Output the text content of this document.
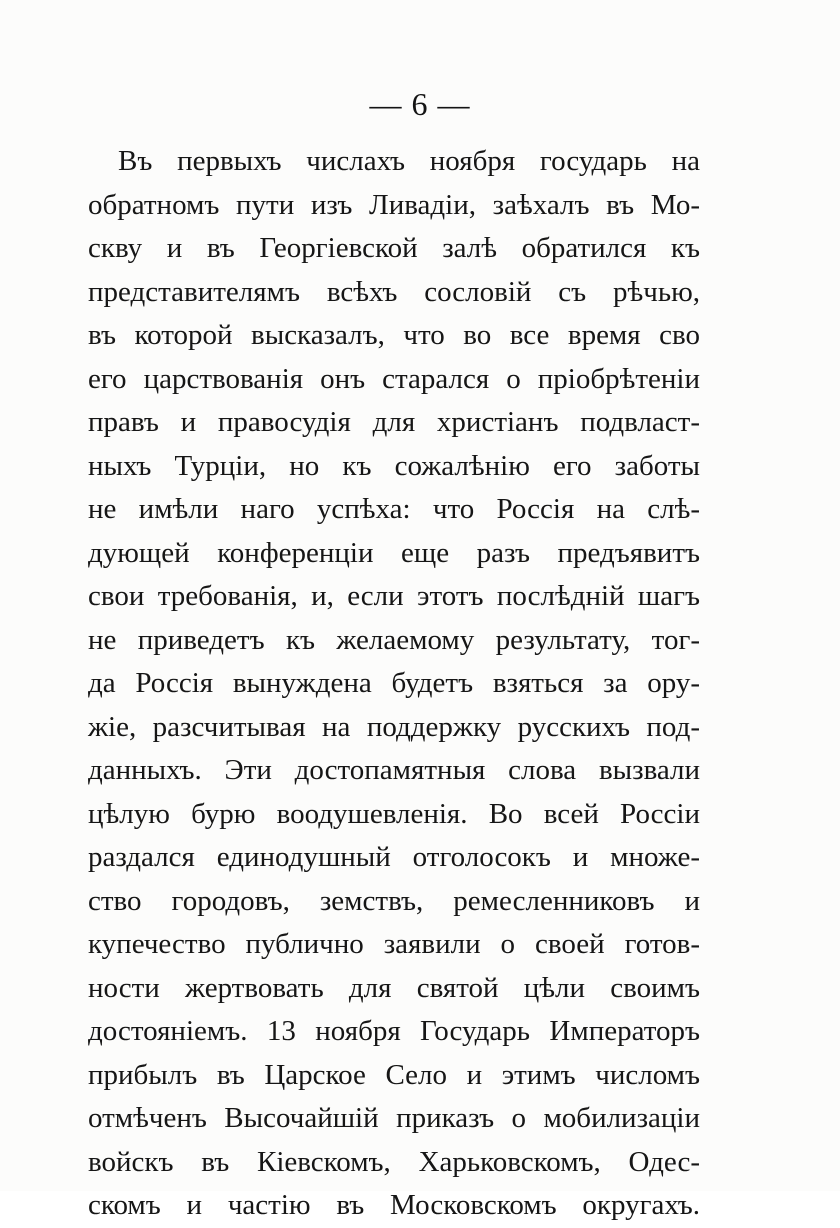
— 6 —
Въ первыхъ числахъ ноября государь на
обратномъ пути изъ Ливадіи, заѣхалъ въ Мо-
скву и въ Георгіевской залѣ обратился къ
представителямъ всѣхъ сословій съ рѣчью,
въ которой высказалъ, что во все время сво
его царствованія онъ старался о пріобрѣтеніи
правъ и правосудія для христіанъ подвласт-
ныхъ Турціи, но къ сожалѣнію его заботы
не имѣли наго успѣха: что Россія на слѣ-
дующей конференціи еще разъ предъявитъ
свои требованія, и, если этотъ послѣдній шагъ
не приведетъ къ желаемому результату, тог-
да Россія вынуждена будетъ взяться за ору-
жіе, разсчитывая на поддержку русскихъ под-
данныхъ. Эти достопамятныя слова вызвали
цѣлую бурю воодушевленія. Во всей Россіи
раздался единодушный отголосокъ и множе-
ство городовъ, земствъ, ремесленниковъ и
купечество публично заявили о своей готов-
ности жертвовать для святой цѣли своимъ
достояніемъ. 13 ноября Государь Императоръ
прибылъ въ Царское Село и этимъ числомъ
отмѣченъ Высочайшій приказъ о мобилизаціи
войскъ въ Кіевскомъ, Харьковскомъ, Одес-
скомъ и частію въ Московскомъ округахъ.
